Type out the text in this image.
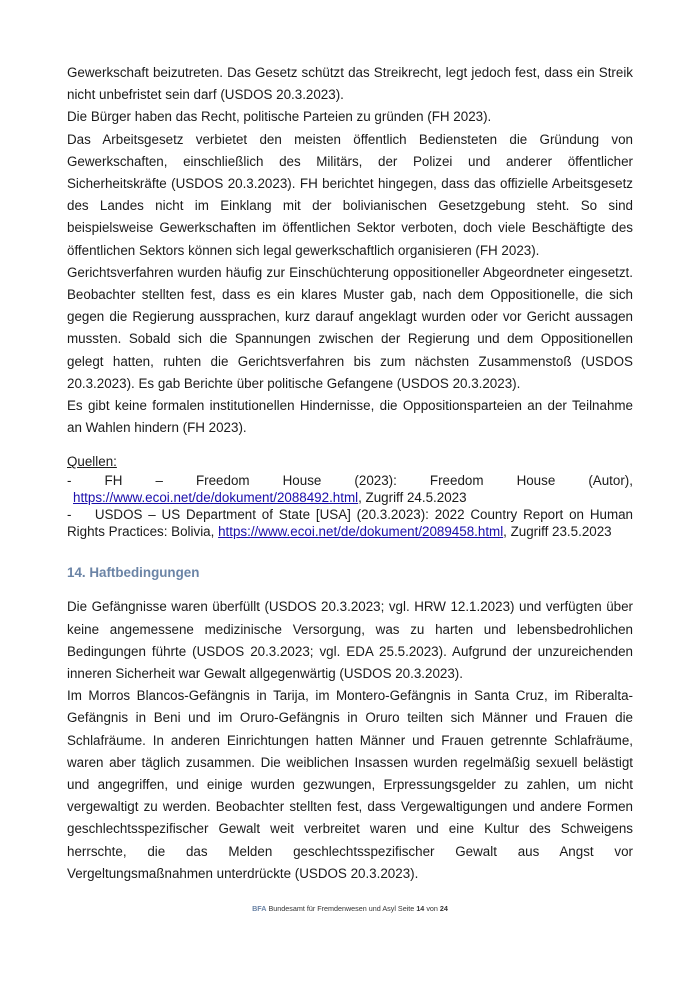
Gewerkschaft beizutreten. Das Gesetz schützt das Streikrecht, legt jedoch fest, dass ein Streik nicht unbefristet sein darf (USDOS 20.3.2023).

Die Bürger haben das Recht, politische Parteien zu gründen (FH 2023).

Das Arbeitsgesetz verbietet den meisten öffentlich Bediensteten die Gründung von Gewerkschaften, einschließlich des Militärs, der Polizei und anderer öffentlicher Sicherheitskräfte (USDOS 20.3.2023). FH berichtet hingegen, dass das offizielle Arbeitsgesetz des Landes nicht im Einklang mit der bolivianischen Gesetzgebung steht. So sind beispielsweise Gewerkschaften im öffentlichen Sektor verboten, doch viele Beschäftigte des öffentlichen Sektors können sich legal gewerkschaftlich organisieren (FH 2023).

Gerichtsverfahren wurden häufig zur Einschüchterung oppositioneller Abgeordneter eingesetzt. Beobachter stellten fest, dass es ein klares Muster gab, nach dem Oppositionelle, die sich gegen die Regierung aussprachen, kurz darauf angeklagt wurden oder vor Gericht aussagen mussten. Sobald sich die Spannungen zwischen der Regierung und dem Oppositionellen gelegt hatten, ruhten die Gerichtsverfahren bis zum nächsten Zusammenstoß (USDOS 20.3.2023). Es gab Berichte über politische Gefangene (USDOS 20.3.2023).

Es gibt keine formalen institutionellen Hindernisse, die Oppositionsparteien an der Teilnahme an Wahlen hindern (FH 2023).

Quellen:
- FH – Freedom House (2023): Freedom House (Autor),
https://www.ecoi.net/de/dokument/2088492.html, Zugriff 24.5.2023
- USDOS – US Department of State [USA] (20.3.2023): 2022 Country Report on Human Rights Practices: Bolivia, https://www.ecoi.net/de/dokument/2089458.html, Zugriff 23.5.2023
14. Haftbedingungen

Die Gefängnisse waren überfüllt (USDOS 20.3.2023; vgl. HRW 12.1.2023) und verfügten über keine angemessene medizinische Versorgung, was zu harten und lebensbedrohlichen Bedingungen führte (USDOS 20.3.2023; vgl. EDA 25.5.2023). Aufgrund der unzureichenden inneren Sicherheit war Gewalt allgegenwärtig (USDOS 20.3.2023).

Im Morros Blancos-Gefängnis in Tarija, im Montero-Gefängnis in Santa Cruz, im Riberalta-Gefängnis in Beni und im Oruro-Gefängnis in Oruro teilten sich Männer und Frauen die Schlafräume. In anderen Einrichtungen hatten Männer und Frauen getrennte Schlafräume, waren aber täglich zusammen. Die weiblichen Insassen wurden regelmäßig sexuell belästigt und angegriffen, und einige wurden gezwungen, Erpressungsgelder zu zahlen, um nicht vergewaltigt zu werden. Beobachter stellten fest, dass Vergewaltigungen und andere Formen geschlechtsspezifischer Gewalt weit verbreitet waren und eine Kultur des Schweigens herrschte, die das Melden geschlechtsspezifischer Gewalt aus Angst vor Vergeltungsmaßnahmen unterdrückte (USDOS 20.3.2023).

BFA Bundesamt für Fremdenwesen und Asyl Seite 14 von 24
